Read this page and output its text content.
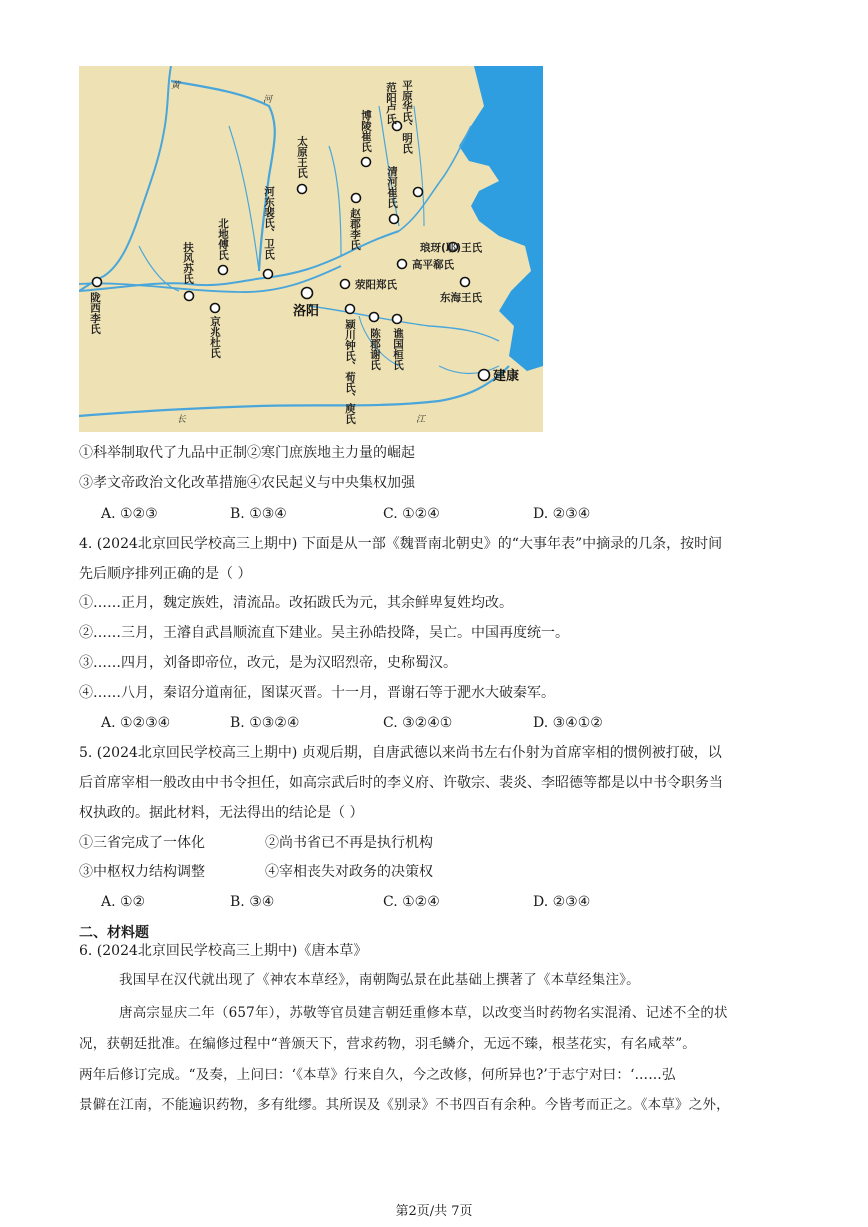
黄
河
长	江
范阳卢氏
博陵崔氏	平原华氏、明氏
清河崔氏
太原王氏
河东裴氏、卫氏	赵郡李氏
北地傅氏
扶风苏氏
陇西李氏
京兆杜氏	颍川钟氏、荀氏、庾氏 陈郡谢氏 谯国桓氏
洛阳
荥阳郑氏
琅玡(耶)王氏
高平郗氏
东海王氏
建康
①科举制取代了九品中正制②寒门庶族地主力量的崛起
③孝文帝政治文化改革措施④农民起义与中央集权加强
A. ①②③	B. ①③④	C. ①②④	D. ②③④
4. (2024北京回民学校高三上期中) 下面是从一部《魏晋南北朝史》的“大事年表”中摘录的几条，按时间
先后顺序排列正确的是（ ）
①……正月，魏定族姓，清流品。改拓跋氏为元，其余鲜卑复姓均改。
②……三月，王濬自武昌顺流直下建业。吴主孙皓投降，吴亡。中国再度统一。
③……四月，刘备即帝位，改元，是为汉昭烈帝，史称蜀汉。
④……八月，秦诏分道南征，图谋灭晋。十一月，晋谢石等于淝水大破秦军。
A. ①②③④	B. ①③②④	C. ③②④①	D. ③④①②
5. (2024北京回民学校高三上期中) 贞观后期，自唐武德以来尚书左右仆射为首席宰相的惯例被打破，以
后首席宰相一般改由中书令担任，如高宗武后时的李义府、许敬宗、裴炎、李昭德等都是以中书令职务当
权执政的。据此材料，无法得出的结论是（ ）
①三省完成了一体化	②尚书省已不再是执行机构
③中枢权力结构调整	④宰相丧失对政务的决策权
A. ①②	B. ③④	C. ①②④	D. ②③④
二、材料题
6. (2024北京回民学校高三上期中)《唐本草》
我国早在汉代就出现了《神农本草经》，南朝陶弘景在此基础上撰著了《本草经集注》。
唐高宗显庆二年（657年），苏敬等官员建言朝廷重修本草，以改变当时药物名实混淆、记述不全的状
况，获朝廷批准。在编修过程中“普颁天下，营求药物，羽毛鳞介，无远不臻，根茎花实，有名咸萃”。
两年后修订完成。“及奏，上问曰：‘《本草》行来自久，今之改修，何所异也?’于志宁对曰：‘……弘
景僻在江南，不能遍识药物，多有纰缪。其所误及《别录》不书四百有余种。今皆考而正之。《本草》之外，
第2页/共 7页
